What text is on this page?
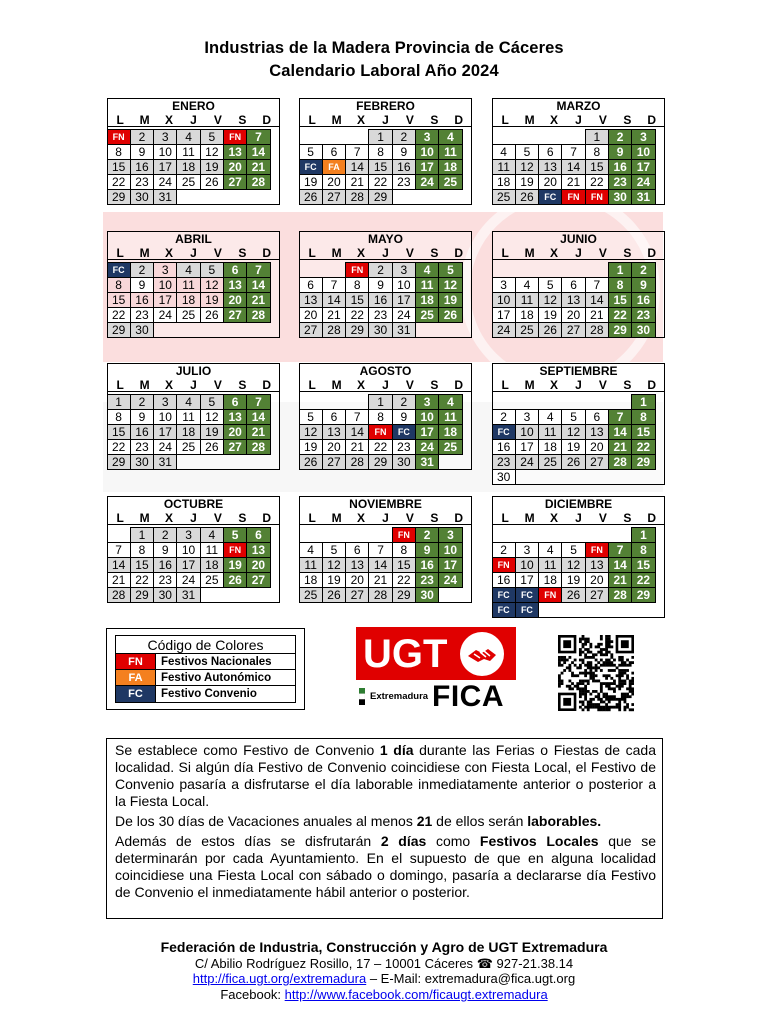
Industrias de la Madera Provincia de Cáceres
Calendario Laboral Año 2024
ENERO
L	M	X	J	V	S	D
FN	2	3	4	5	FN	7
8	9	10	11	12	13	14
15	16	17	18	19	20	21
22	23	24	25	26	27	28
29	30	31				
FEBRERO
L	M	X	J	V	S	D
			1	2	3	4
5	6	7	8	9	10	11
FC	FA	14	15	16	17	18
19	20	21	22	23	24	25
26	27	28	29			
MARZO
L	M	X	J	V	S	D
				1	2	3
4	5	6	7	8	9	10
11	12	13	14	15	16	17
18	19	20	21	22	23	24
25	26	FC	FN	FN	30	31
ABRIL
L	M	X	J	V	S	D
FC	2	3	4	5	6	7
8	9	10	11	12	13	14
15	16	17	18	19	20	21
22	23	24	25	26	27	28
29	30					
MAYO
L	M	X	J	V	S	D
		FN	2	3	4	5
6	7	8	9	10	11	12
13	14	15	16	17	18	19
20	21	22	23	24	25	26
27	28	29	30	31		
JUNIO
L	M	X	J	V	S	D
					1	2
3	4	5	6	7	8	9
10	11	12	13	14	15	16
17	18	19	20	21	22	23
24	25	26	27	28	29	30
JULIO
L	M	X	J	V	S	D
1	2	3	4	5	6	7
8	9	10	11	12	13	14
15	16	17	18	19	20	21
22	23	24	25	26	27	28
29	30	31				
AGOSTO
L	M	X	J	V	S	D
			1	2	3	4
5	6	7	8	9	10	11
12	13	14	FN	FC	17	18
19	20	21	22	23	24	25
26	27	28	29	30	31	
SEPTIEMBRE
L	M	X	J	V	S	D
						1
2	3	4	5	6	7	8
FC	10	11	12	13	14	15
16	17	18	19	20	21	22
23	24	25	26	27	28	29
30						
OCTUBRE
L	M	X	J	V	S	D
	1	2	3	4	5	6
7	8	9	10	11	FN	13
14	15	16	17	18	19	20
21	22	23	24	25	26	27
28	29	30	31			
NOVIEMBRE
L	M	X	J	V	S	D
				FN	2	3
4	5	6	7	8	9	10
11	12	13	14	15	16	17
18	19	20	21	22	23	24
25	26	27	28	29	30	
DICIEMBRE
L	M	X	J	V	S	D
						1
2	3	4	5	FN	7	8
FN	10	11	12	13	14	15
16	17	18	19	20	21	22
FC	FC	FN	26	27	28	29
FC	FC					
Código de Colores
FN	Festivos Nacionales
FA	Festivo Autonómico
FC	Festivo Convenio
UGT
Extremadura FICA

Se establece como Festivo de Convenio 1 día durante las Ferias o Fiestas de cada localidad. Si algún día Festivo de Convenio coincidiese con Fiesta Local, el Festivo de Convenio pasaría a disfrutarse el día laborable inmediatamente anterior o posterior a la Fiesta Local.

De los 30 días de Vacaciones anuales al menos 21 de ellos serán laborables.

Además de estos días se disfrutarán 2 días como Festivos Locales que se determinarán por cada Ayuntamiento. En el supuesto de que en alguna localidad coincidiese una Fiesta Local con sábado o domingo, pasaría a declararse día Festivo de Convenio el inmediatamente hábil anterior o posterior.

Federación de Industria, Construcción y Agro de UGT Extremadura
C/ Abilio Rodríguez Rosillo, 17 – 10001 Cáceres ☎ 927-21.38.14
http://fica.ugt.org/extremadura – E-Mail: extremadura@fica.ugt.org
Facebook: http://www.facebook.com/ficaugt.extremadura
